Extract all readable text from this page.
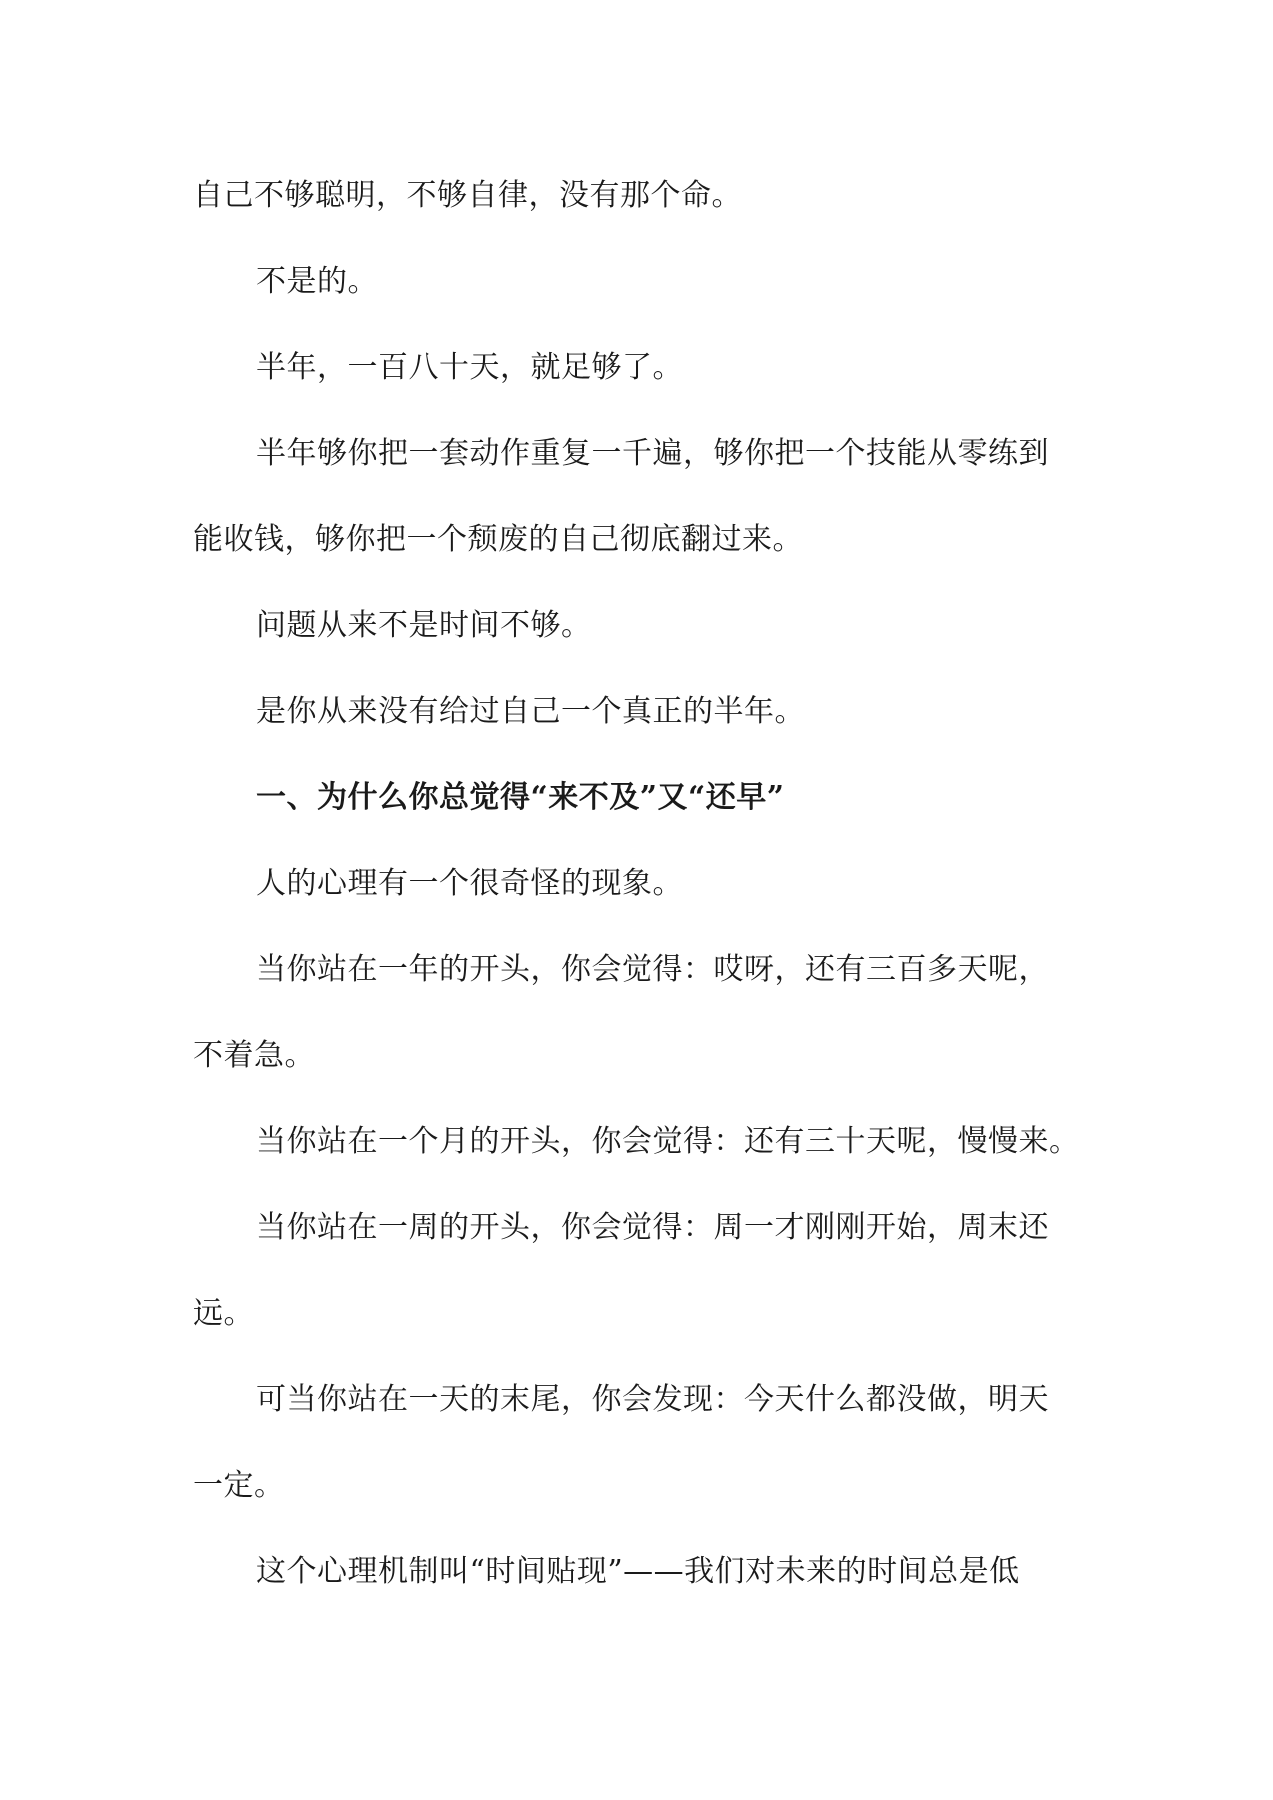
自己不够聪明，不够自律，没有那个命。
不是的。
半年，一百八十天，就足够了。
半年够你把一套动作重复一千遍，够你把一个技能从零练到
能收钱，够你把一个颓废的自己彻底翻过来。
问题从来不是时间不够。
是你从来没有给过自己一个真正的半年。
一、为什么你总觉得“来不及”又“还早”
人的心理有一个很奇怪的现象。
当你站在一年的开头，你会觉得：哎呀，还有三百多天呢，
不着急。
当你站在一个月的开头，你会觉得：还有三十天呢，慢慢来。
当你站在一周的开头，你会觉得：周一才刚刚开始，周末还
远。
可当你站在一天的末尾，你会发现：今天什么都没做，明天
一定。
这个心理机制叫“时间贴现”——我们对未来的时间总是低
